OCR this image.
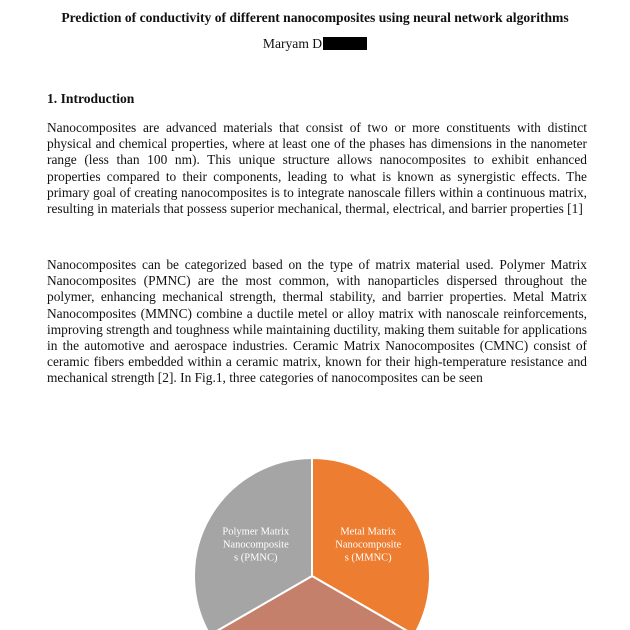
Prediction of conductivity of different nanocomposites using neural network algorithms
Maryam D
1. Introduction

Nanocomposites are advanced materials that consist of two or more constituents with distinct physical and chemical properties, where at least one of the phases has dimensions in the nanometer range (less than 100 nm). This unique structure allows nanocomposites to exhibit enhanced properties compared to their components, leading to what is known as synergistic effects. The primary goal of creating nanocomposites is to integrate nanoscale fillers within a continuous matrix, resulting in materials that possess superior mechanical, thermal, electrical, and barrier properties [1]

Nanocomposites can be categorized based on the type of matrix material used. Polymer Matrix Nanocomposites (PMNC) are the most common, with nanoparticles dispersed throughout the polymer, enhancing mechanical strength, thermal stability, and barrier properties. Metal Matrix Nanocomposites (MMNC) combine a ductile metel or alloy matrix with nanoscale reinforcements, improving strength and toughness while maintaining ductility, making them suitable for applications in the automotive and aerospace industries. Ceramic Matrix Nanocomposites (CMNC) consist of ceramic fibers embedded within a ceramic matrix, known for their high-temperature resistance and mechanical strength [2]. In Fig.1, three categories of nanocomposites can be seen

Metal Matrix Nanocomposite s (MMNC)
Polymer Matrix Nanocomposite s (PMNC)
